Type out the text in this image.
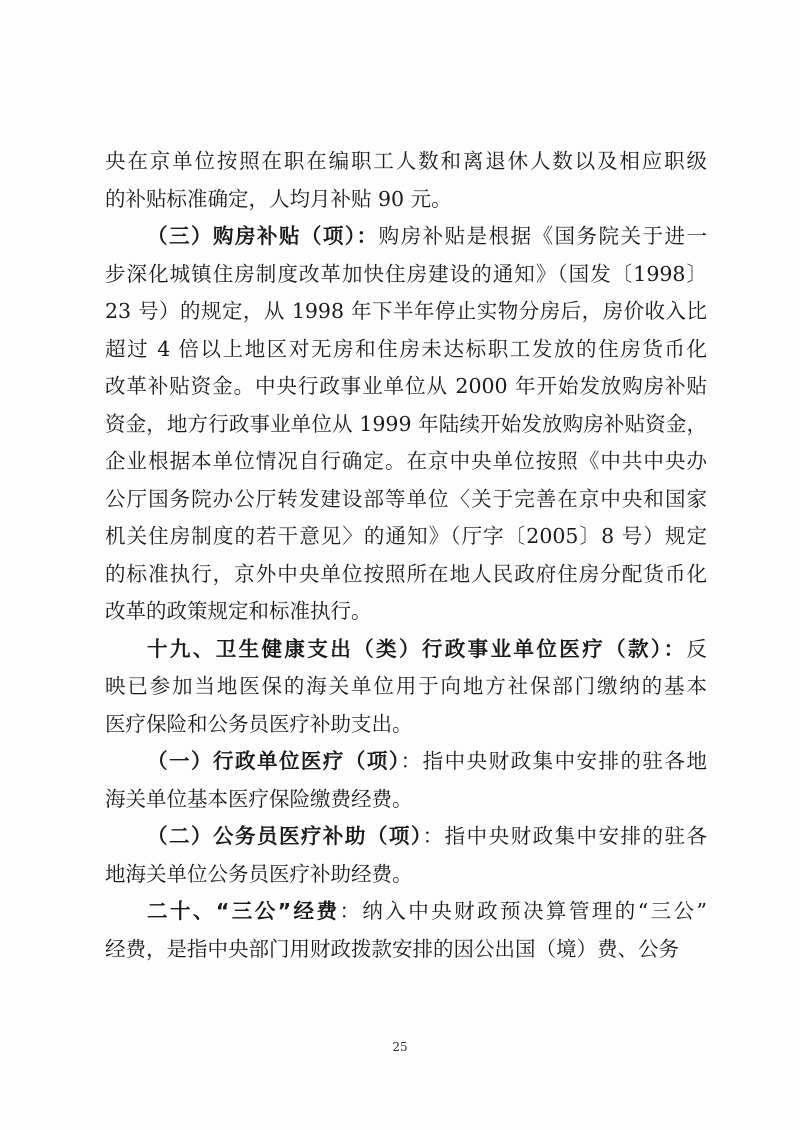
央在京单位按照在职在编职工人数和离退休人数以及相应职级
的补贴标准确定，人均月补贴 90 元。
（三）购房补贴（项）：购房补贴是根据《国务院关于进一
步深化城镇住房制度改革加快住房建设的通知》（国发〔1998〕
23 号）的规定，从 1998 年下半年停止实物分房后，房价收入比
超过 4 倍以上地区对无房和住房未达标职工发放的住房货币化
改革补贴资金。中央行政事业单位从 2000 年开始发放购房补贴
资金，地方行政事业单位从 1999 年陆续开始发放购房补贴资金，
企业根据本单位情况自行确定。在京中央单位按照《中共中央办
公厅国务院办公厅转发建设部等单位〈关于完善在京中央和国家
机关住房制度的若干意见〉的通知》（厅字〔2005〕8 号）规定
的标准执行，京外中央单位按照所在地人民政府住房分配货币化
改革的政策规定和标准执行。
十九、卫生健康支出（类）行政事业单位医疗（款）：反
映已参加当地医保的海关单位用于向地方社保部门缴纳的基本
医疗保险和公务员医疗补助支出。
（一）行政单位医疗（项）：指中央财政集中安排的驻各地
海关单位基本医疗保险缴费经费。
（二）公务员医疗补助（项）：指中央财政集中安排的驻各
地海关单位公务员医疗补助经费。
二十、“三公”经费：纳入中央财政预决算管理的“三公”
经费，是指中央部门用财政拨款安排的因公出国（境）费、公务
25
